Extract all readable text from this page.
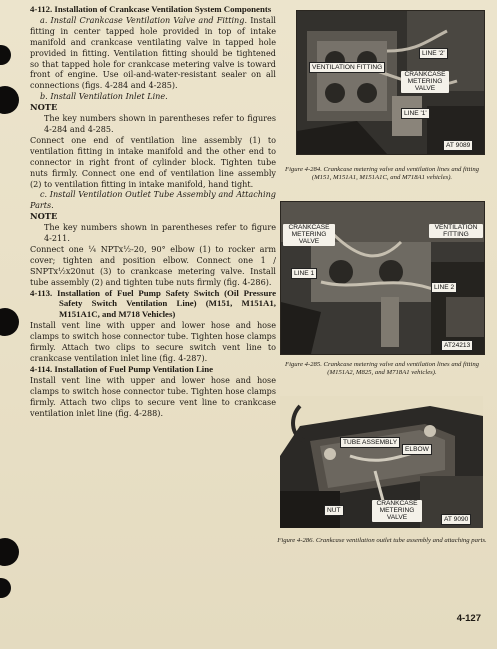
4-112. Installation of Crankcase Ventilation System Components

a. Install Crankcase Ventilation Valve and Fitting. Install fitting in center tapped hole provided in top of intake manifold and crankcase ventilating valve in tapped hole provided in fitting. Ventilation fitting should be tightened so that tapped hole for crankcase metering valve is toward front of engine. Use oil-and-water-resistant sealer on all connections (figs. 4-284 and 4-285).

b. Install Ventilation Inlet Line.

NOTE

The key numbers shown in parentheses refer to figures 4-284 and 4-285.

Connect one end of ventilation line assembly (1) to ventilation fitting in intake manifold and the other end to connector in right front of cylinder block. Tighten tube nuts firmly. Connect one end of ventilation line assembly (2) to ventilation fitting in intake manifold, hand tight.

c. Install Ventilation Outlet Tube Assembly and Attaching Parts.

NOTE

The key numbers shown in parentheses refer to figure 4-211.

Connect one ¼ NPTx½-20, 90° elbow (1) to rocker arm cover; tighten and position elbow. Connect one 1 / SNPTx½x20nut (3) to crankcase metering valve. Install tube assembly (2) and tighten tube nuts firmly (fig. 4-286).

4-113. Installation of Fuel Pump Safety Switch (Oil Pressure Safety Switch Ventilation Line) (M151, M151A1, M151A1C, and M718 Vehicles)

Install vent line with upper and lower hose and hose clamps to switch hose connector tube. Tighten hose clamps firmly. Attach two clips to secure switch vent line to crankcase ventilation inlet line (fig. 4-287).

4-114. Installation of Fuel Pump Ventilation Line

Install vent line with upper and lower hose and hose clamps to switch hose connector tube. Tighten hose clamps firmly. Attach two clips to secure vent line to crankcase ventilation inlet line (fig. 4-288).

LINE '2'
VENTILATION FITTING
CRANKCASE
METERING
VALVE
LINE '1'
AT 9089
Figure 4-284. Crankcase metering valve and ventilation lines and fitting (M151, M151A1, M151A1C, and M718A1 vehicles).
CRANKCASE
METERING
VALVE
VENTILATION
FITTING
LINE 1
LINE 2
AT24213
Figure 4-285. Crankcase metering valve and ventilation lines and fitting (M151A2, M825, and M718A1 vehicles).
TUBE ASSEMBLY
ELBOW
NUT
CRANKCASE
METERING
VALVE	AT 9090
Figure 4-286. Crankcase ventilation outlet tube assembly and attaching parts.
4-127
